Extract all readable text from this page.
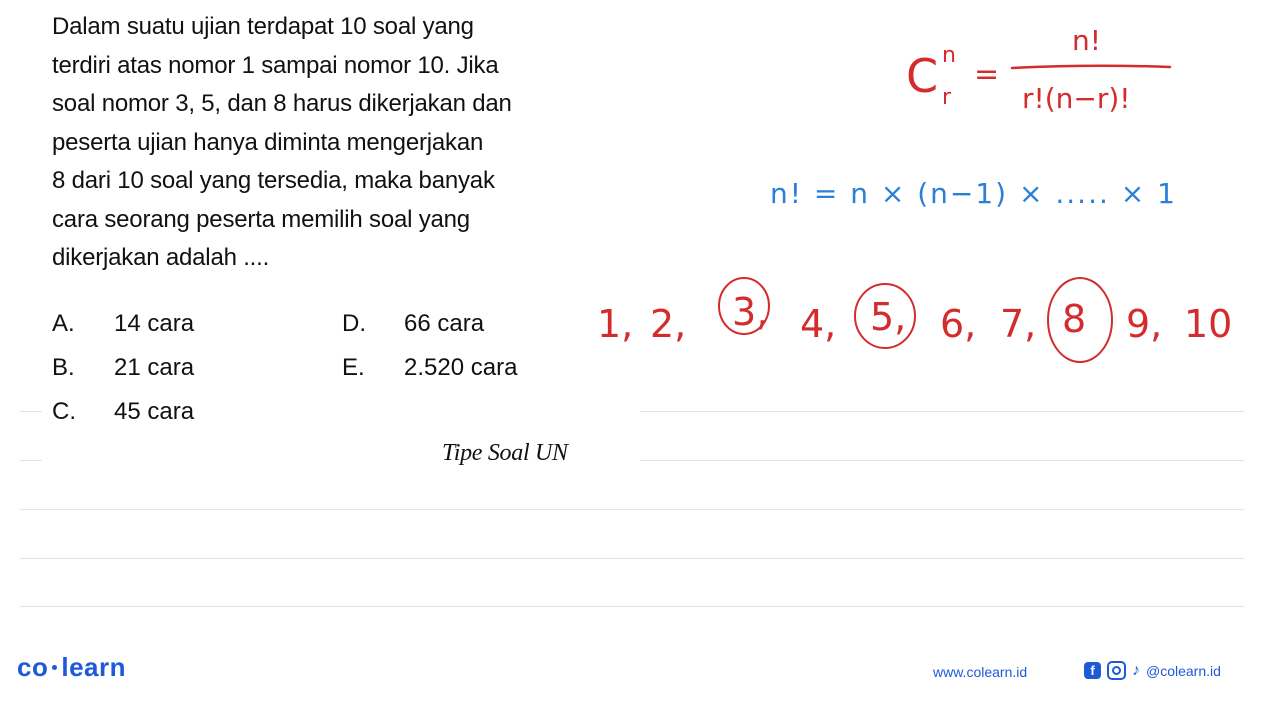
Dalam suatu ujian terdapat 10 soal yang
terdiri atas nomor 1 sampai nomor 10. Jika
soal nomor 3, 5, dan 8 harus dikerjakan dan
peserta ujian hanya diminta mengerjakan
8 dari 10 soal yang tersedia, maka banyak
cara seorang peserta memilih soal yang
dikerjakan adalah ....
A. 14 cara	D. 66 cara
B. 21 cara	E. 2.520 cara
C. 45 cara
Tipe Soal UN
C n
r
=
n!
r!(n−r)!
n! = n × (n−1) × ..... × 1
1, 2, 3, 4, 5, 6, 7, 8 9, 10
co learn	www.colearn.id	f	♪ @colearn.id
